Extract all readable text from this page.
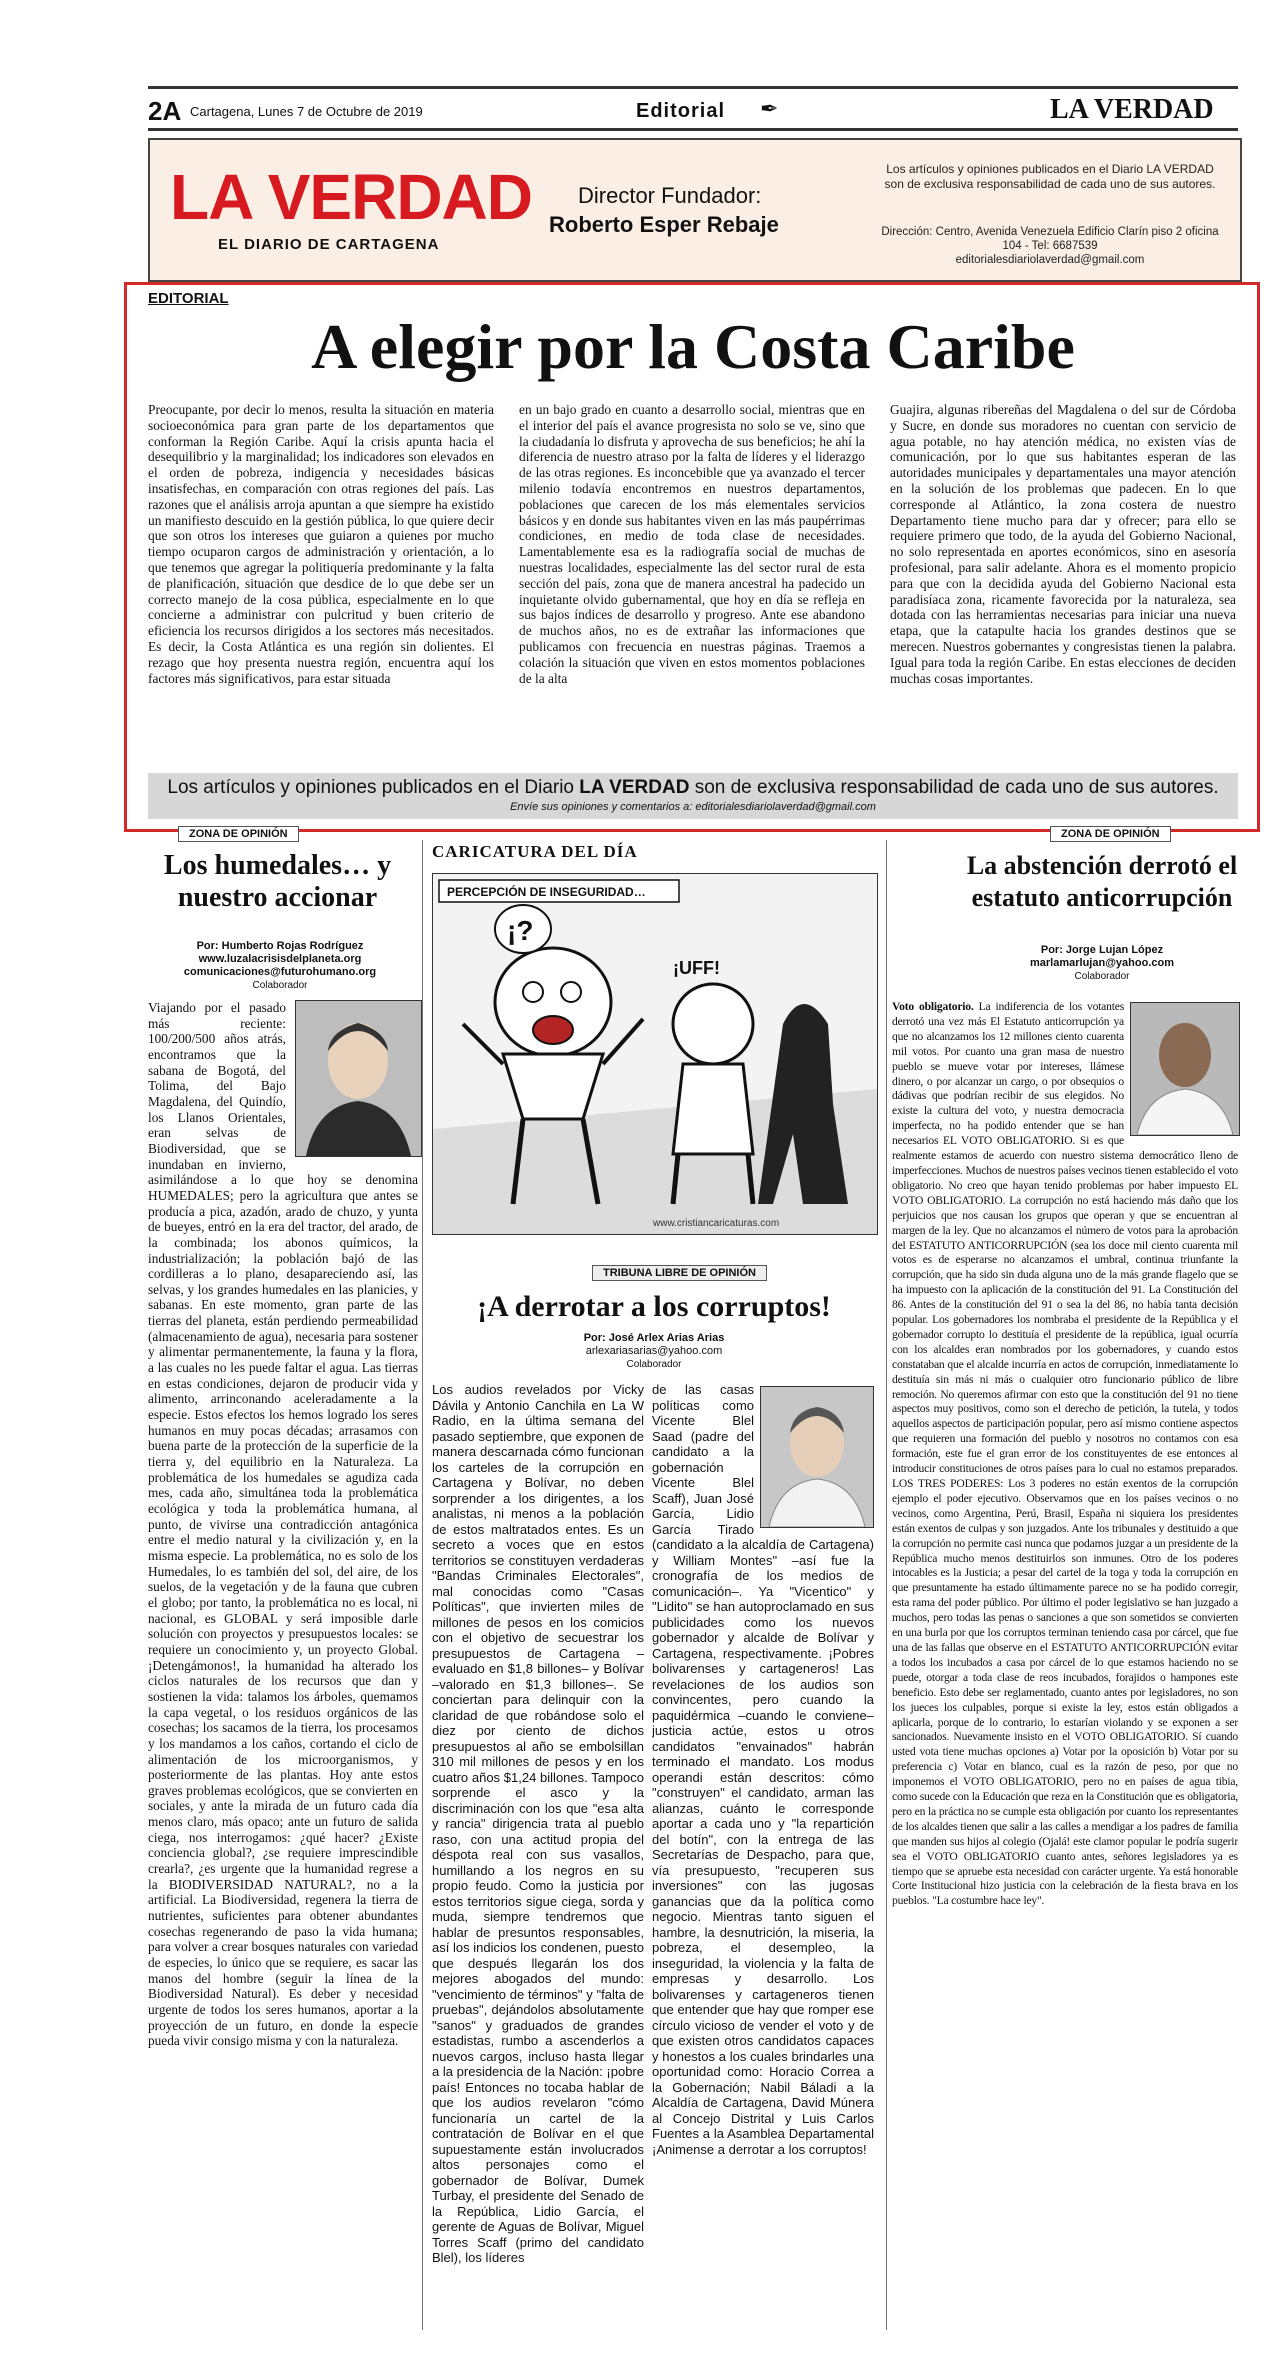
2A Cartagena, Lunes 7 de Octubre de 2019	Editorial ✒	LA VERDAD
LA VERDAD
EL DIARIO DE CARTAGENA
Director Fundador:
Roberto Esper Rebaje
Los artículos y opiniones publicados en el Diario LA VERDAD son de exclusiva responsabilidad de cada uno de sus autores.
Dirección: Centro, Avenida Venezuela Edificio Clarín piso 2 oficina 104 - Tel: 6687539
editorialesdiariolaverdad@gmail.com
EDITORIAL
A elegir por la Costa Caribe
Preocupante, por decir lo menos, resulta la situación en materia socioeconómica para gran parte de los departamentos que conforman la Región Caribe. Aquí la crisis apunta hacia el desequilibrio y la marginalidad; los indicadores son elevados en el orden de pobreza, indigencia y necesidades básicas insatisfechas, en comparación con otras regiones del país. Las razones que el análisis arroja apuntan a que siempre ha existido un manifiesto descuido en la gestión pública, lo que quiere decir que son otros los intereses que guiaron a quienes por mucho tiempo ocuparon cargos de administración y orientación, a lo que tenemos que agregar la politiquería predominante y la falta de planificación, situación que desdice de lo que debe ser un correcto manejo de la cosa pública, especialmente en lo que concierne a administrar con pulcritud y buen criterio de eficiencia los recursos dirigidos a los sectores más necesitados. Es decir, la Costa Atlántica es una región sin dolientes. El rezago que hoy presenta nuestra región, encuentra aquí los factores más significativos, para estar situada
en un bajo grado en cuanto a desarrollo social, mientras que en el interior del país el avance progresista no solo se ve, sino que la ciudadanía lo disfruta y aprovecha de sus beneficios; he ahí la diferencia de nuestro atraso por la falta de líderes y el liderazgo de las otras regiones. Es inconcebible que ya avanzado el tercer milenio todavía encontremos en nuestros departamentos, poblaciones que carecen de los más elementales servicios básicos y en donde sus habitantes viven en las más paupérrimas condiciones, en medio de toda clase de necesidades. Lamentablemente esa es la radiografía social de muchas de nuestras localidades, especialmente las del sector rural de esta sección del país, zona que de manera ancestral ha padecido un inquietante olvido gubernamental, que hoy en día se refleja en sus bajos índices de desarrollo y progreso. Ante ese abandono de muchos años, no es de extrañar las informaciones que publicamos con frecuencia en nuestras páginas. Traemos a colación la situación que viven en estos momentos poblaciones de la alta
Guajira, algunas ribereñas del Magdalena o del sur de Córdoba y Sucre, en donde sus moradores no cuentan con servicio de agua potable, no hay atención médica, no existen vías de comunicación, por lo que sus habitantes esperan de las autoridades municipales y departamentales una mayor atención en la solución de los problemas que padecen. En lo que corresponde al Atlántico, la zona costera de nuestro Departamento tiene mucho para dar y ofrecer; para ello se requiere primero que todo, de la ayuda del Gobierno Nacional, no solo representada en aportes económicos, sino en asesoría profesional, para salir adelante. Ahora es el momento propicio para que con la decidida ayuda del Gobierno Nacional esta paradisíaca zona, ricamente favorecida por la naturaleza, sea dotada con las herramientas necesarias para iniciar una nueva etapa, que la catapulte hacia los grandes destinos que se merecen. Nuestros gobernantes y congresistas tienen la palabra. Igual para toda la región Caribe. En estas elecciones de deciden muchas cosas importantes.
Los artículos y opiniones publicados en el Diario LA VERDAD son de exclusiva responsabilidad de cada uno de sus autores.
Envíe sus opiniones y comentarios a: editorialesdiariolaverdad@gmail.com
ZONA DE OPINIÓN
Los humedales… y nuestro accionar
Por: Humberto Rojas Rodríguez
www.luzalacrisisdelplaneta.org
comunicaciones@futurohumano.org
Colaborador

Viajando por el pasado más reciente: 100/200/500 años atrás, encontramos que la sabana de Bogotá, del Tolima, del Bajo Magdalena, del Quindío, los Llanos Orientales, eran selvas de Biodiversidad, que se inundaban en invierno, asimilándose a lo que hoy se denomina HUMEDALES; pero la agricultura que antes se producía a pica, azadón, arado de chuzo, y yunta de bueyes, entró en la era del tractor, del arado, de la combinada; los abonos químicos, la industrialización; la población bajó de las cordilleras a lo plano, desapareciendo así, las selvas, y los grandes humedales en las planicies, y sabanas. En este momento, gran parte de las tierras del planeta, están perdiendo permeabilidad (almacenamiento de agua), necesaria para sostener y alimentar permanentemente, la fauna y la flora, a las cuales no les puede faltar el agua. Las tierras en estas condiciones, dejaron de producir vida y alimento, arrinconando aceleradamente a la especie. Estos efectos los hemos logrado los seres humanos en muy pocas décadas; arrasamos con buena parte de la protección de la superficie de la tierra y, del equilibrio en la Naturaleza. La problemática de los humedales se agudiza cada mes, cada año, simultánea toda la problemática ecológica y toda la problemática humana, al punto, de vivirse una contradicción antagónica entre el medio natural y la civilización y, en la misma especie. La problemática, no es solo de los Humedales, lo es también del sol, del aire, de los suelos, de la vegetación y de la fauna que cubren el globo; por tanto, la problemática no es local, ni nacional, es GLOBAL y será imposible darle solución con proyectos y presupuestos locales: se requiere un conocimiento y, un proyecto Global. ¡Detengámonos!, la humanidad ha alterado los ciclos naturales de los recursos que dan y sostienen la vida: talamos los árboles, quemamos la capa vegetal, o los residuos orgánicos de las cosechas; los sacamos de la tierra, los procesamos y los mandamos a los caños, cortando el ciclo de alimentación de los microorganismos, y posteriormente de las plantas. Hoy ante estos graves problemas ecológicos, que se convierten en sociales, y ante la mirada de un futuro cada día menos claro, más opaco; ante un futuro de salida ciega, nos interrogamos: ¿qué hacer? ¿Existe conciencia global?, ¿se requiere imprescindible crearla?, ¿es urgente que la humanidad regrese a la BIODIVERSIDAD NATURAL?, no a la artificial. La Biodiversidad, regenera la tierra de nutrientes, suficientes para obtener abundantes cosechas regenerando de paso la vida humana; para volver a crear bosques naturales con variedad de especies, lo único que se requiere, es sacar las manos del hombre (seguir la línea de la Biodiversidad Natural). Es deber y necesidad urgente de todos los seres humanos, aportar a la proyección de un futuro, en donde la especie pueda vivir consigo misma y con la naturaleza.

CARICATURA DEL DÍA
¡?
¡UFF!
PERCEPCIÓN DE INSEGURIDAD…
www.cristiancaricaturas.com
TRIBUNA LIBRE DE OPINIÓN
¡A derrotar a los corruptos!
Por: José Arlex Arias Arias
arlexariasarias@yahoo.com
Colaborador
Los audios revelados por Vicky Dávila y Antonio Canchila en La W Radio, en la última semana del pasado septiembre, que exponen de manera descarnada cómo funcionan los carteles de la corrupción en Cartagena y Bolívar, no deben sorprender a los dirigentes, a los analistas, ni menos a la población de estos maltratados entes. Es un secreto a voces que en estos territorios se constituyen verdaderas "Bandas Criminales Electorales", mal conocidas como "Casas Políticas", que invierten miles de millones de pesos en los comicios con el objetivo de secuestrar los presupuestos de Cartagena –evaluado en $1,8 billones– y Bolívar –valorado en $1,3 billones–. Se conciertan para delinquir con la claridad de que robándose solo el diez por ciento de dichos presupuestos al año se embolsillan 310 mil millones de pesos y en los cuatro años $1,24 billones. Tampoco sorprende el asco y la discriminación con los que "esa alta y rancia" dirigencia trata al pueblo raso, con una actitud propia del déspota real con sus vasallos, humillando a los negros en su propio feudo. Como la justicia por estos territorios sigue ciega, sorda y muda, siempre tendremos que hablar de presuntos responsables, así los indicios los condenen, puesto que después llegarán los dos mejores abogados del mundo: "vencimiento de términos" y "falta de pruebas", dejándolos absolutamente "sanos" y graduados de grandes estadistas, rumbo a ascenderlos a nuevos cargos, incluso hasta llegar a la presidencia de la Nación: ¡pobre país! Entonces no tocaba hablar de que los audios revelaron "cómo funcionaría un cartel de la contratación de Bolívar en el que supuestamente están involucrados altos personajes como el gobernador de Bolívar, Dumek Turbay, el presidente del Senado de la República, Lidio García, el gerente de Aguas de Bolívar, Miguel Torres Scaff (primo del candidato Blel), los líderes

de las casas políticas como Vicente Blel Saad (padre del candidato a la gobernación Vicente Blel Scaff), Juan José García, Lidio García Tirado (candidato a la alcaldía de Cartagena) y William Montes" –así fue la cronografía de los medios de comunicación–. Ya "Vicentico" y "Lidito" se han autoproclamado en sus publicidades como los nuevos gobernador y alcalde de Bolívar y Cartagena, respectivamente. ¡Pobres bolivarenses y cartageneros! Las revelaciones de los audios son convincentes, pero cuando la paquidérmica –cuando le conviene– justicia actúe, estos u otros candidatos "envainados" habrán terminado el mandato. Los modus operandi están descritos: cómo "construyen" el candidato, arman las alianzas, cuánto le corresponde aportar a cada uno y "la repartición del botín", con la entrega de las Secretarías de Despacho, para que, vía presupuesto, "recuperen sus inversiones" con las jugosas ganancias que da la política como negocio. Mientras tanto siguen el hambre, la desnutrición, la miseria, la pobreza, el desempleo, la inseguridad, la violencia y la falta de empresas y desarrollo. Los bolivarenses y cartageneros tienen que entender que hay que romper ese círculo vicioso de vender el voto y de que existen otros candidatos capaces y honestos a los cuales brindarles una oportunidad como: Horacio Correa a la Gobernación; Nabil Báladi a la Alcaldía de Cartagena, David Múnera al Concejo Distrital y Luis Carlos Fuentes a la Asamblea Departamental ¡Animense a derrotar a los corruptos!

ZONA DE OPINIÓN
La abstención derrotó el estatuto anticorrupción
Por: Jorge Lujan López
marlamarlujan@yahoo.com
Colaborador

Voto obligatorio. La indiferencia de los votantes derrotó una vez más El Estatuto anticorrupción ya que no alcanzamos los 12 millones ciento cuarenta mil votos. Por cuanto una gran masa de nuestro pueblo se mueve votar por intereses, llámese dinero, o por alcanzar un cargo, o por obsequios o dádivas que podrían recibir de sus elegidos. No existe la cultura del voto, y nuestra democracia imperfecta, no ha podido entender que se han necesarios EL VOTO OBLIGATORIO. Si es que realmente estamos de acuerdo con nuestro sistema democrático lleno de imperfecciones. Muchos de nuestros países vecinos tienen establecido el voto obligatorio. No creo que hayan tenido problemas por haber impuesto EL VOTO OBLIGATORIO. La corrupción no está haciendo más daño que los perjuicios que nos causan los grupos que operan y que se encuentran al margen de la ley. Que no alcanzamos el número de votos para la aprobación del ESTATUTO ANTICORRUPCIÓN (sea los doce mil ciento cuarenta mil votos es de esperarse no alcanzamos el umbral, continua triunfante la corrupción, que ha sido sin duda alguna uno de la más grande flagelo que se ha impuesto con la aplicación de la constitución del 91. La Constitución del 86. Antes de la constitución del 91 o sea la del 86, no había tanta decisión popular. Los gobernadores los nombraba el presidente de la República y el gobernador corrupto lo destituía el presidente de la república, igual ocurría con los alcaldes eran nombrados por los gobernadores, y cuando estos constataban que el alcalde incurría en actos de corrupción, inmediatamente lo destituía sin más ni más o cualquier otro funcionario público de libre remoción. No queremos afirmar con esto que la constitución del 91 no tiene aspectos muy positivos, como son el derecho de petición, la tutela, y todos aquellos aspectos de participación popular, pero así mismo contiene aspectos que requieren una formación del pueblo y nosotros no contamos con esa formación, este fue el gran error de los constituyentes de ese entonces al introducir constituciones de otros países para lo cual no estamos preparados. LOS TRES PODERES: Los 3 poderes no están exentos de la corrupción ejemplo el poder ejecutivo. Observamos que en los países vecinos o no vecinos, como Argentina, Perú, Brasil, España ni siquiera los presidentes están exentos de culpas y son juzgados. Ante los tribunales y destituido a que la corrupción no permite casi nunca que podamos juzgar a un presidente de la República mucho menos destituirlos son inmunes. Otro de los poderes intocables es la Justicia; a pesar del cartel de la toga y toda la corrupción en que presuntamente ha estado últimamente parece no se ha podido corregir, esta rama del poder público. Por último el poder legislativo se han juzgado a muchos, pero todas las penas o sanciones a que son sometidos se convierten en una burla por que los corruptos terminan teniendo casa por cárcel, que fue una de las fallas que observe en el ESTATUTO ANTICORRUPCIÓN evitar a todos los incubados a casa por cárcel de lo que estamos haciendo no se puede, otorgar a toda clase de reos incubados, forajidos o hampones este beneficio. Esto debe ser reglamentado, cuanto antes por legisladores, no son los jueces los culpables, porque si existe la ley, estos están obligados a aplicarla, porque de lo contrario, lo estarían violando y se exponen a ser sancionados. Nuevamente insisto en el VOTO OBLIGATORIO. Sí cuando usted vota tiene muchas opciones a) Votar por la oposición b) Votar por su preferencia c) Votar en blanco, cual es la razón de peso, por que no imponemos el VOTO OBLIGATORIO, pero no en países de agua tibia, como sucede con la Educación que reza en la Constitución que es obligatoria, pero en la práctica no se cumple esta obligación por cuanto los representantes de los alcaldes tienen que salir a las calles a mendigar a los padres de familia que manden sus hijos al colegio (Ojalá! este clamor popular le podría sugerir sea el VOTO OBLIGATORIO cuanto antes, señores legisladores ya es tiempo que se apruebe esta necesidad con carácter urgente. Ya está honorable Corte Institucional hizo justicia con la celebración de la fiesta brava en los pueblos. "La costumbre hace ley".
